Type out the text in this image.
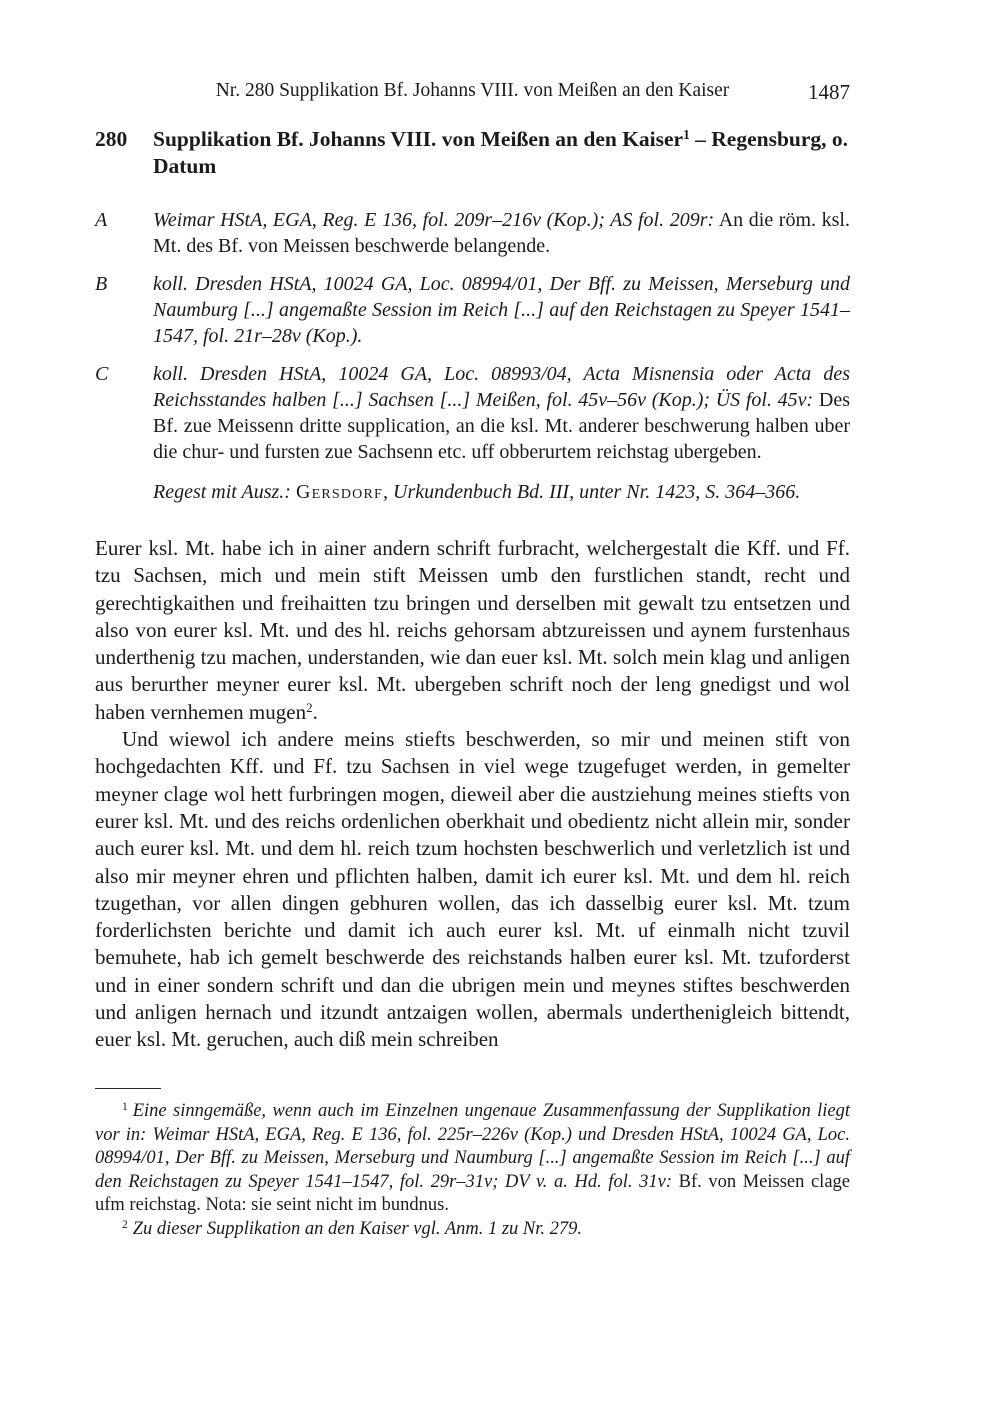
Nr. 280 Supplikation Bf. Johanns VIII. von Meißen an den Kaiser	1487
280	Supplikation Bf. Johanns VIII. von Meißen an den Kaiser$^1$ – Regensburg, o. Datum
A	Weimar HStA, EGA, Reg. E 136, fol. 209r–216v (Kop.); AS fol. 209r: An die röm. ksl. Mt. des Bf. von Meissen beschwerde belangende.

B	koll. Dresden HStA, 10024 GA, Loc. 08994/01, Der Bff. zu Meissen, Merseburg und Naumburg [...] angemaßte Session im Reich [...] auf den Reichstagen zu Speyer 1541–1547, fol. 21r–28v (Kop.).

C	koll. Dresden HStA, 10024 GA, Loc. 08993/04, Acta Misnensia oder Acta des Reichsstandes halben [...] Sachsen [...] Meißen, fol. 45v–56v (Kop.); ÜS fol. 45v: Des Bf. zue Meissenn dritte supplication, an die ksl. Mt. anderer beschwerung halben uber die chur- und fursten zue Sachsenn etc. uff obberurtem reichstag ubergeben.

Regest mit Ausz.: Gersdorf, Urkundenbuch Bd. III, unter Nr. 1423, S. 364–366.

Eurer ksl. Mt. habe ich in ainer andern schrift furbracht, welchergestalt die Kff. und Ff. tzu Sachsen, mich und mein stift Meissen umb den furstlichen standt, recht und gerechtigkaithen und freihaitten tzu bringen und derselben mit gewalt tzu entsetzen und also von eurer ksl. Mt. und des hl. reichs gehorsam abtzureissen und aynem furstenhaus underthenig tzu machen, understanden, wie dan euer ksl. Mt. solch mein klag und anligen aus berurther meyner eurer ksl. Mt. ubergeben schrift noch der leng gnedigst und wol haben vernhemen mugen$^2$.

Und wiewol ich andere meins stiefts beschwerden, so mir und meinen stift von hochgedachten Kff. und Ff. tzu Sachsen in viel wege tzugefuget werden, in gemelter meyner clage wol hett furbringen mogen, dieweil aber die austziehung meines stiefts von eurer ksl. Mt. und des reichs ordenlichen oberkhait und obedientz nicht allein mir, sonder auch eurer ksl. Mt. und dem hl. reich tzum hochsten beschwerlich und verletzlich ist und also mir meyner ehren und pflichten halben, damit ich eurer ksl. Mt. und dem hl. reich tzugethan, vor allen dingen gebhuren wollen, das ich dasselbig eurer ksl. Mt. tzum forderlichsten berichte und damit ich auch eurer ksl. Mt. uf einmalh nicht tzuvil bemuhete, hab ich gemelt beschwerde des reichstands halben eurer ksl. Mt. tzuforderst und in einer sondern schrift und dan die ubrigen mein und meynes stiftes beschwerden und anligen hernach und itzundt antzaigen wollen, abermals underthenigleich bittendt, euer ksl. Mt. geruchen, auch diß mein schreiben

$^1$ Eine sinngemäße, wenn auch im Einzelnen ungenaue Zusammenfassung der Supplikation liegt vor in: Weimar HStA, EGA, Reg. E 136, fol. 225r–226v (Kop.) und Dresden HStA, 10024 GA, Loc. 08994/01, Der Bff. zu Meissen, Merseburg und Naumburg [...] angemaßte Session im Reich [...] auf den Reichstagen zu Speyer 1541–1547, fol. 29r–31v; DV v. a. Hd. fol. 31v: Bf. von Meissen clage ufm reichstag. Nota: sie seint nicht im bundnus.

$^2$ Zu dieser Supplikation an den Kaiser vgl. Anm. 1 zu Nr. 279.
